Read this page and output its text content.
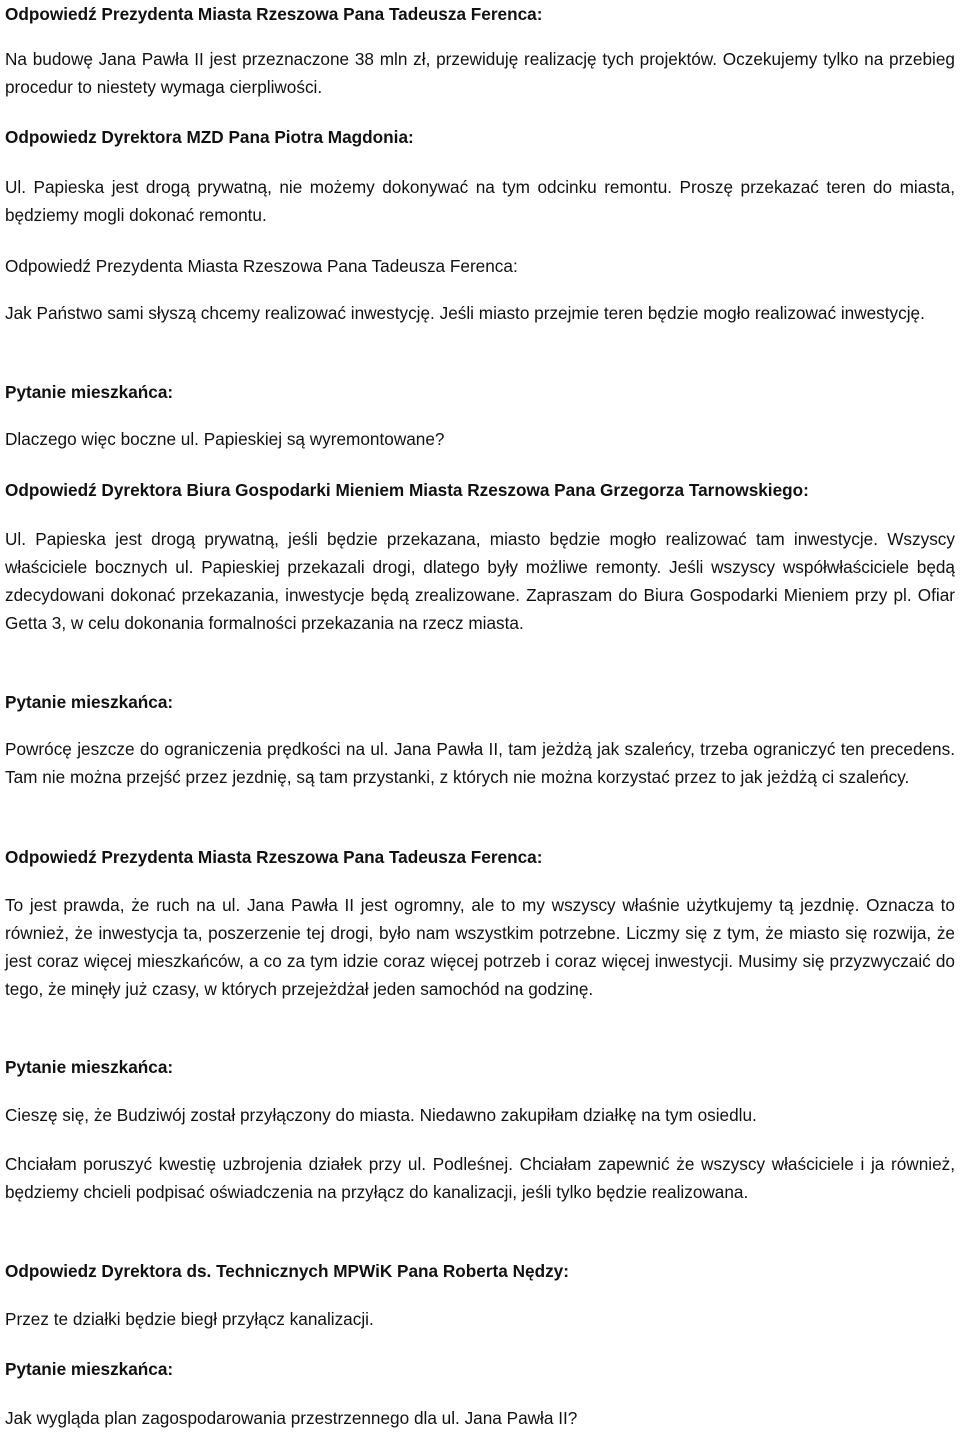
Odpowiedź Prezydenta Miasta Rzeszowa Pana Tadeusza Ferenca:
Na budowę Jana Pawła II jest przeznaczone 38 mln zł, przewiduję realizację tych projektów. Oczekujemy tylko na przebieg procedur to niestety wymaga cierpliwości.
Odpowiedz Dyrektora MZD Pana Piotra Magdonia:
Ul. Papieska jest drogą prywatną, nie możemy dokonywać na tym odcinku remontu. Proszę przekazać teren do miasta, będziemy mogli dokonać remontu.
Odpowiedź Prezydenta Miasta Rzeszowa Pana Tadeusza Ferenca:
Jak Państwo sami słyszą chcemy realizować inwestycję. Jeśli miasto przejmie teren będzie mogło realizować inwestycję.
Pytanie mieszkańca:
Dlaczego więc boczne ul. Papieskiej są wyremontowane?
Odpowiedź Dyrektora Biura Gospodarki Mieniem Miasta Rzeszowa Pana Grzegorza Tarnowskiego:
Ul. Papieska jest drogą prywatną, jeśli będzie przekazana, miasto będzie mogło realizować tam inwestycje. Wszyscy właściciele bocznych ul. Papieskiej przekazali drogi, dlatego były możliwe remonty. Jeśli wszyscy współwłaściciele będą zdecydowani dokonać przekazania, inwestycje będą zrealizowane. Zapraszam do Biura Gospodarki Mieniem przy pl. Ofiar Getta 3, w celu dokonania formalności przekazania na rzecz miasta.
Pytanie mieszkańca:
Powrócę jeszcze do ograniczenia prędkości na ul. Jana Pawła II, tam jeżdżą jak szaleńcy, trzeba ograniczyć ten precedens. Tam nie można przejść przez jezdnię, są tam przystanki, z których nie można korzystać przez to jak jeżdżą ci szaleńcy.
Odpowiedź Prezydenta Miasta Rzeszowa Pana Tadeusza Ferenca:
To jest prawda, że ruch na ul. Jana Pawła II jest ogromny, ale to my wszyscy właśnie użytkujemy tą jezdnię. Oznacza to również, że inwestycja ta, poszerzenie tej drogi, było nam wszystkim potrzebne. Liczmy się z tym, że miasto się rozwija, że jest coraz więcej mieszkańców, a co za tym idzie coraz więcej potrzeb i coraz więcej inwestycji. Musimy się przyzwyczaić do tego, że minęły już czasy, w których przejeżdżał jeden samochód na godzinę.
Pytanie mieszkańca:
Cieszę się, że Budziwój został przyłączony do miasta. Niedawno zakupiłam działkę na tym osiedlu.
Chciałam poruszyć kwestię uzbrojenia działek przy ul. Podleśnej. Chciałam zapewnić że wszyscy właściciele i ja również, będziemy chcieli podpisać oświadczenia na przyłącz do kanalizacji, jeśli tylko będzie realizowana.
Odpowiedz Dyrektora ds. Technicznych MPWiK Pana Roberta Nędzy:
Przez te działki będzie biegł przyłącz kanalizacji.
Pytanie mieszkańca:
Jak wygląda plan zagospodarowania przestrzennego dla ul. Jana Pawła II?
